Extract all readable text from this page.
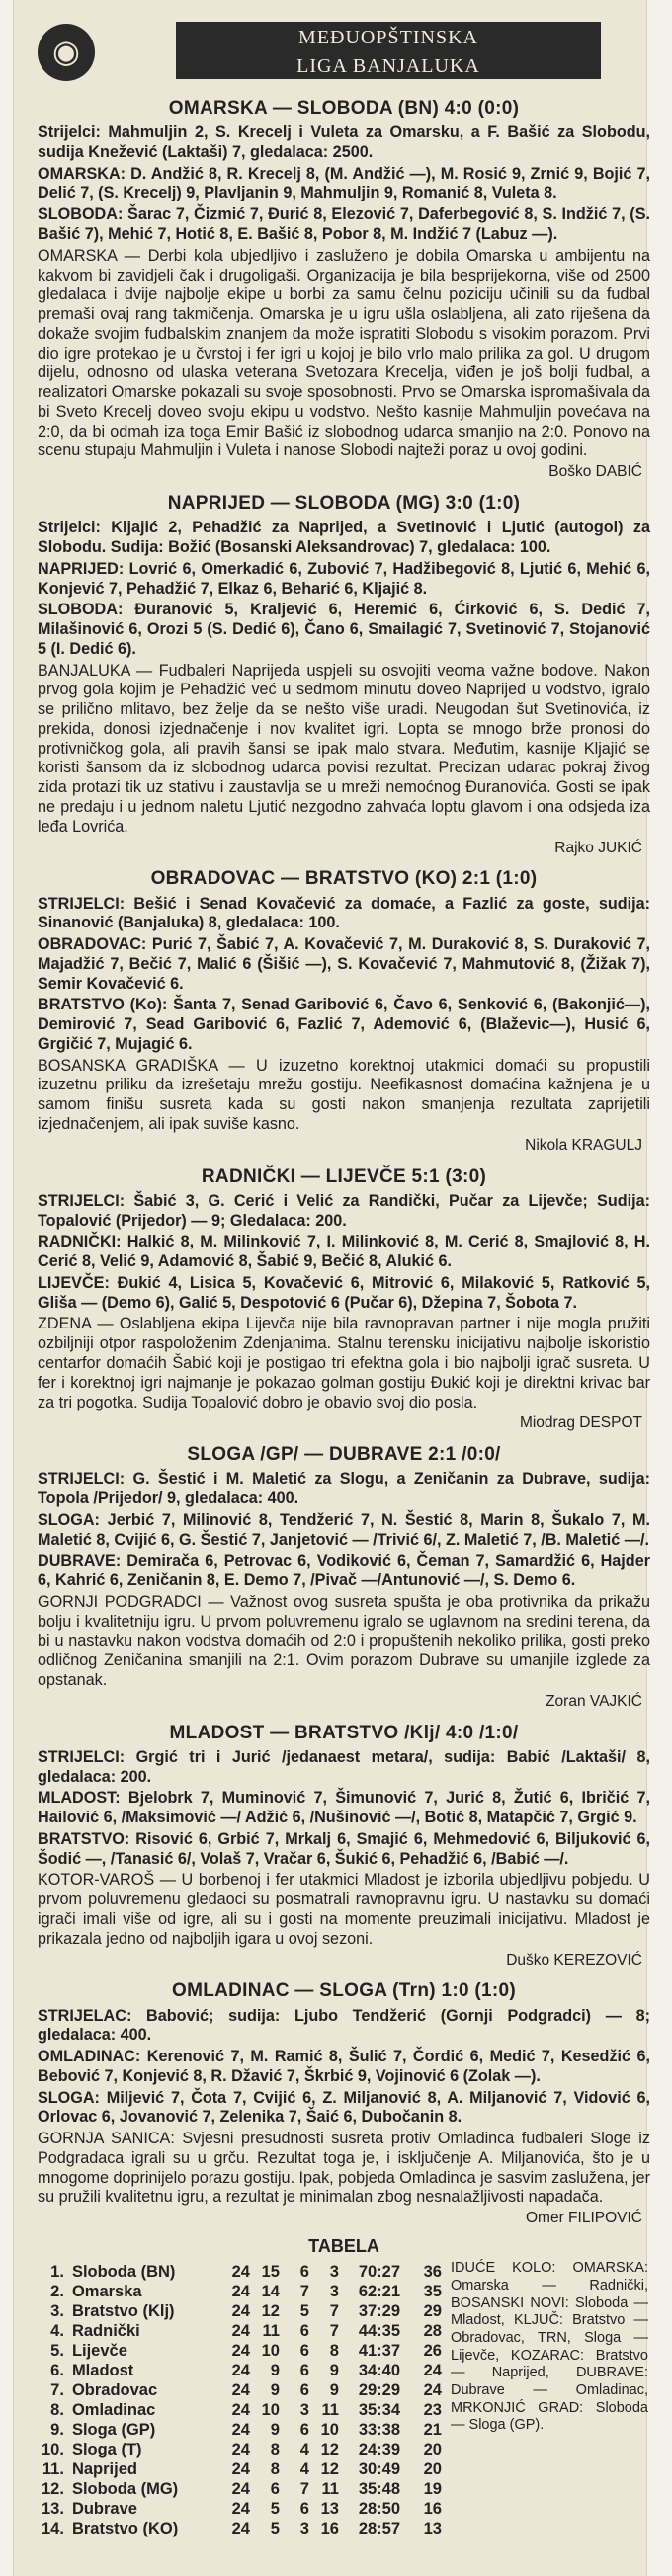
◉	MEĐUOPŠTINSKA
LIGA BANJALUKA
OMARSKA — SLOBODA (BN) 4:0 (0:0)

Strijelci: Mahmuljin 2, S. Krecelj i Vuleta za Omarsku, a F. Bašić za Slobodu, sudija Knežević (Laktaši) 7, gledalaca: 2500.

OMARSKA: D. Andžić 8, R. Krecelj 8, (M. Andžić —), M. Rosić 9, Zrnić 9, Bojić 7, Delić 7, (S. Krecelj) 9, Plavljanin 9, Mahmuljin 9, Romanić 8, Vuleta 8.

SLOBODA: Šarac 7, Čizmić 7, Đurić 8, Elezović 7, Daferbegović 8, S. Indžić 7, (S. Bašić 7), Mehić 7, Hotić 8, E. Bašić 8, Pobor 8, M. Indžić 7 (Labuz —).

OMARSKA — Derbi kola ubjedljivo i zasluženo je dobila Omarska u ambijentu na kakvom bi zavidjeli čak i drugoligaši. Organizacija je bila besprijekorna, više od 2500 gledalaca i dvije najbolje ekipe u borbi za samu čelnu poziciju učinili su da fudbal premaši ovaj rang takmičenja. Omarska je u igru ušla oslabljena, ali zato riješena da dokaže svojim fudbalskim znanjem da može ispratiti Slobodu s visokim porazom. Prvi dio igre protekao je u čvrstoj i fer igri u kojoj je bilo vrlo malo prilika za gol. U drugom dijelu, odnosno od ulaska veterana Svetozara Krecelja, viđen je još bolji fudbal, a realizatori Omarske pokazali su svoje sposobnosti. Prvo se Omarska ispromašivala da bi Sveto Krecelj doveo svoju ekipu u vodstvo. Nešto kasnije Mahmuljin povećava na 2:0, da bi odmah iza toga Emir Bašić iz slobodnog udarca smanjio na 2:0. Ponovo na scenu stupaju Mahmuljin i Vuleta i nanose Slobodi najteži poraz u ovoj godini.

Boško DABIĆ
NAPRIJED — SLOBODA (MG) 3:0 (1:0)

Strijelci: Kljajić 2, Pehadžić za Naprijed, a Svetinović i Ljutić (autogol) za Slobodu. Sudija: Božić (Bosanski Aleksandrovac) 7, gledalaca: 100.

NAPRIJED: Lovrić 6, Omerkadić 6, Zubović 7, Hadžibegović 8, Ljutić 6, Mehić 6, Konjević 7, Pehadžić 7, Elkaz 6, Beharić 6, Kljajić 8.

SLOBODA: Đuranović 5, Kraljević 6, Heremić 6, Ćirković 6, S. Dedić 7, Milašinović 6, Orozi 5 (S. Dedić 6), Čano 6, Smailagić 7, Svetinović 7, Stojanović 5 (I. Dedić 6).

BANJALUKA — Fudbaleri Naprijeda uspjeli su osvojiti veoma važne bodove. Nakon prvog gola kojim je Pehadžić već u sedmom minutu doveo Naprijed u vodstvo, igralo se prilično mlitavo, bez želje da se nešto više uradi. Neugodan šut Svetinovića, iz prekida, donosi izjednačenje i nov kvalitet igri. Lopta se mnogo brže pronosi do protivničkog gola, ali pravih šansi se ipak malo stvara. Međutim, kasnije Kljajić se koristi šansom da iz slobodnog udarca povisi rezultat. Precizan udarac pokraj živog zida protazi tik uz stativu i zaustavlja se u mreži nemoćnog Đuranovića. Gosti se ipak ne predaju i u jednom naletu Ljutić nezgodno zahvaća loptu glavom i ona odsjeda iza leđa Lovrića.

Rajko JUKIĆ
OBRADOVAC — BRATSTVO (KO) 2:1 (1:0)

STRIJELCI: Bešić i Senad Kovačević za domaće, a Fazlić za goste, sudija: Sinanović (Banjaluka) 8, gledalaca: 100.

OBRADOVAC: Purić 7, Šabić 7, A. Kovačević 7, M. Duraković 8, S. Duraković 7, Majadžić 7, Bečić 7, Malić 6 (Šišić —), S. Kovačević 7, Mahmutović 8, (Žižak 7), Semir Kovačević 6.

BRATSTVO (Ko): Šanta 7, Senad Garibović 6, Čavo 6, Senković 6, (Bakonjić—), Demirović 7, Sead Garibović 6, Fazlić 7, Ademović 6, (Blaževic—), Husić 6, Grgičić 7, Mujagić 6.

BOSANSKA GRADIŠKA — U izuzetno korektnoj utakmici domaći su propustili izuzetnu priliku da izrešetaju mrežu gostiju. Neefikasnost domaćina kažnjena je u samom finišu susreta kada su gosti nakon smanjenja rezultata zaprijetili izjednačenjem, ali ipak suviše kasno.

Nikola KRAGULJ
RADNIČKI — LIJEVČE 5:1 (3:0)

STRIJELCI: Šabić 3, G. Cerić i Velić za Randički, Pučar za Lijevče; Sudija: Topalović (Prijedor) — 9; Gledalaca: 200.

RADNIČKI: Halkić 8, M. Milinković 7, I. Milinković 8, M. Cerić 8, Smajlović 8, H. Cerić 8, Velić 9, Adamović 8, Šabić 9, Bečić 8, Alukić 6.

LIJEVČE: Đukić 4, Lisica 5, Kovačević 6, Mitrović 6, Milaković 5, Ratković 5, Gliša — (Demo 6), Galić 5, Despotović 6 (Pučar 6), Džepina 7, Šobota 7.

ZDENA — Oslabljena ekipa Lijevča nije bila ravnopravan partner i nije mogla pružiti ozbiljniji otpor raspoloženim Zdenjanima. Stalnu terensku inicijativu najbolje iskoristio centarfor domaćih Šabić koji je postigao tri efektna gola i bio najbolji igrač susreta. U fer i korektnoj igri najmanje je pokazao golman gostiju Đukić koji je direktni krivac bar za tri pogotka. Sudija Topalović dobro je obavio svoj dio posla.

Miodrag DESPOT
SLOGA /GP/ — DUBRAVE 2:1 /0:0/

STRIJELCI: G. Šestić i M. Maletić za Slogu, a Zeničanin za Dubrave, sudija: Topola /Prijedor/ 9, gledalaca: 400.

SLOGA: Jerbić 7, Milinović 8, Tendžerić 7, N. Šestić 8, Marin 8, Šukalo 7, M. Maletić 8, Cvijić 6, G. Šestić 7, Janjetović — /Trivić 6/, Z. Maletić 7, /B. Maletić —/.

DUBRAVE: Demirača 6, Petrovac 6, Vodiković 6, Čeman 7, Samardžić 6, Hajder 6, Kahrić 6, Zeničanin 8, E. Demo 7, /Pivač —/Antunović —/, S. Demo 6.

GORNJI PODGRADCI — Važnost ovog susreta spušta je oba protivnika da prikažu bolju i kvalitetniju igru. U prvom poluvremenu igralo se uglavnom na sredini terena, da bi u nastavku nakon vodstva domaćih od 2:0 i propuštenih nekoliko prilika, gosti preko odličnog Zeničanina smanjili na 2:1. Ovim porazom Dubrave su umanjile izglede za opstanak.

Zoran VAJKIĆ
MLADOST — BRATSTVO /Klj/ 4:0 /1:0/

STRIJELCI: Grgić tri i Jurić /jedanaest metara/, sudija: Babić /Laktaši/ 8, gledalaca: 200.

MLADOST: Bjelobrk 7, Muminović 7, Šimunović 7, Jurić 8, Žutić 6, Ibričić 7, Hailović 6, /Maksimović —/ Adžić 6, /Nušinović —/, Botić 8, Matapčić 7, Grgić 9.

BRATSTVO: Risović 6, Grbić 7, Mrkalj 6, Smajić 6, Mehmedović 6, Biljuković 6, Šodić —, /Tanasić 6/, Volaš 7, Vračar 6, Šukić 6, Pehadžić 6, /Babić —/.

KOTOR-VAROŠ — U borbenoj i fer utakmici Mladost je izborila ubjedljivu pobjedu. U prvom poluvremenu gledaoci su posmatrali ravnopravnu igru. U nastavku su domaći igrači imali više od igre, ali su i gosti na momente preuzimali inicijativu. Mladost je prikazala jedno od najboljih igara u ovoj sezoni.

Duško KEREZOVIĆ
OMLADINAC — SLOGA (Trn) 1:0 (1:0)

STRIJELAC: Babović; sudija: Ljubo Tendžerić (Gornji Podgradci) — 8; gledalaca: 400.

OMLADINAC: Kerenović 7, M. Ramić 8, Šulić 7, Čordić 6, Medić 7, Kesedžić 6, Bebović 7, Konjević 8, R. Džavić 7, Škrbić 9, Vojinović 6 (Zolak —).

SLOGA: Miljević 7, Čota 7, Cvijić 6, Z. Miljanović 8, A. Miljanović 7, Vidović 6, Orlovac 6, Jovanović 7, Zelenika 7, Šaić 6, Dubočanin 8.

GORNJA SANICA: Svjesni presudnosti susreta protiv Omladinca fudbaleri Sloge iz Podgradaca igrali su u grču. Rezultat toga je, i isključenje A. Miljanovića, što je u mnogome doprinijelo porazu gostiju. Ipak, pobjeda Omladinca je sasvim zaslužena, jer su pružili kvalitetnu igru, a rezultat je minimalan zbog nesnalažljivosti napadača.

Omer FILIPOVIĆ
TABELA
1.	Sloboda (BN)	24	15	6	3	70:27	36
2.	Omarska	24	14	7	3	62:21	35
3.	Bratstvo (Klj)	24	12	5	7	37:29	29
4.	Radnički	24	11	6	7	44:35	28
5.	Lijevče	24	10	6	8	41:37	26
6.	Mladost	24	9	6	9	34:40	24
7.	Obradovac	24	9	6	9	29:29	24
8.	Omladinac	24	10	3	11	35:34	23
9.	Sloga (GP)	24	9	6	10	33:38	21
10.	Sloga (T)	24	8	4	12	24:39	20
11.	Naprijed	24	8	4	12	30:49	20
12.	Sloboda (MG)	24	6	7	11	35:48	19
13.	Dubrave	24	5	6	13	28:50	16
14.	Bratstvo (KO)	24	5	3	16	28:57	13
IDUĆE KOLO: OMARSKA: Omarska — Radnički, BOSANSKI NOVI: Sloboda — Mladost, KLJUČ: Bratstvo — Obradovac, TRN, Sloga — Lijevče, KOZARAC: Bratstvo — Naprijed, DUBRAVE: Dubrave — Omladinac, MRKONJIĆ GRAD: Sloboda — Sloga (GP).
